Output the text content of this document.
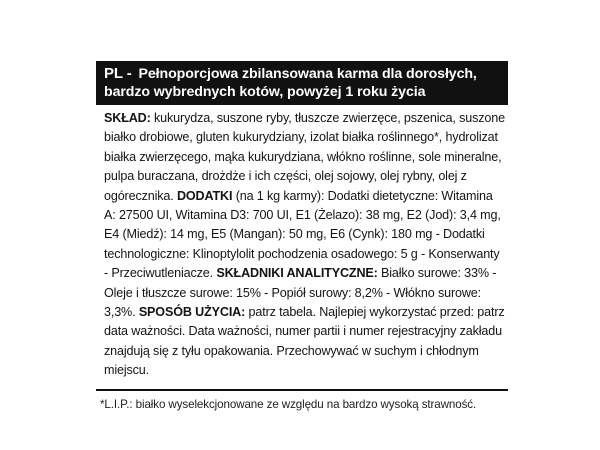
PL - Pełnoporcjowa zbilansowana karma dla dorosłych, bardzo wybrednych kotów, powyżej 1 roku życia
SKŁAD: kukurydza, suszone ryby, tłuszcze zwierzęce, pszenica, suszone białko drobiowe, gluten kukurydziany, izolat białka roślinnego*, hydrolizat białka zwierzęcego, mąka kukurydziana, włókno roślinne, sole mineralne, pulpa buraczana, drożdże i ich części, olej sojowy, olej rybny, olej z ogórecznika. DODATKI (na 1 kg karmy): Dodatki dietetyczne: Witamina A: 27500 UI, Witamina D3: 700 UI, E1 (Żelazo): 38 mg, E2 (Jod): 3,4 mg, E4 (Miedź): 14 mg, E5 (Mangan): 50 mg, E6 (Cynk): 180 mg - Dodatki technologiczne: Klinoptylolit pochodzenia osadowego: 5 g - Konserwanty - Przeciwutleniacze. SKŁADNIKI ANALITYCZNE: Białko surowe: 33% - Oleje i tłuszcze surowe: 15% - Popiół surowy: 8,2% - Włókno surowe: 3,3%. SPOSÓB UŻYCIA: patrz tabela. Najlepiej wykorzystać przed: patrz data ważności. Data ważności, numer partii i numer rejestracyjny zakładu znajdują się z tyłu opakowania. Przechowywać w suchym i chłodnym miejscu.
*L.I.P.: białko wyselekcjonowane ze względu na bardzo wysoką strawność.
